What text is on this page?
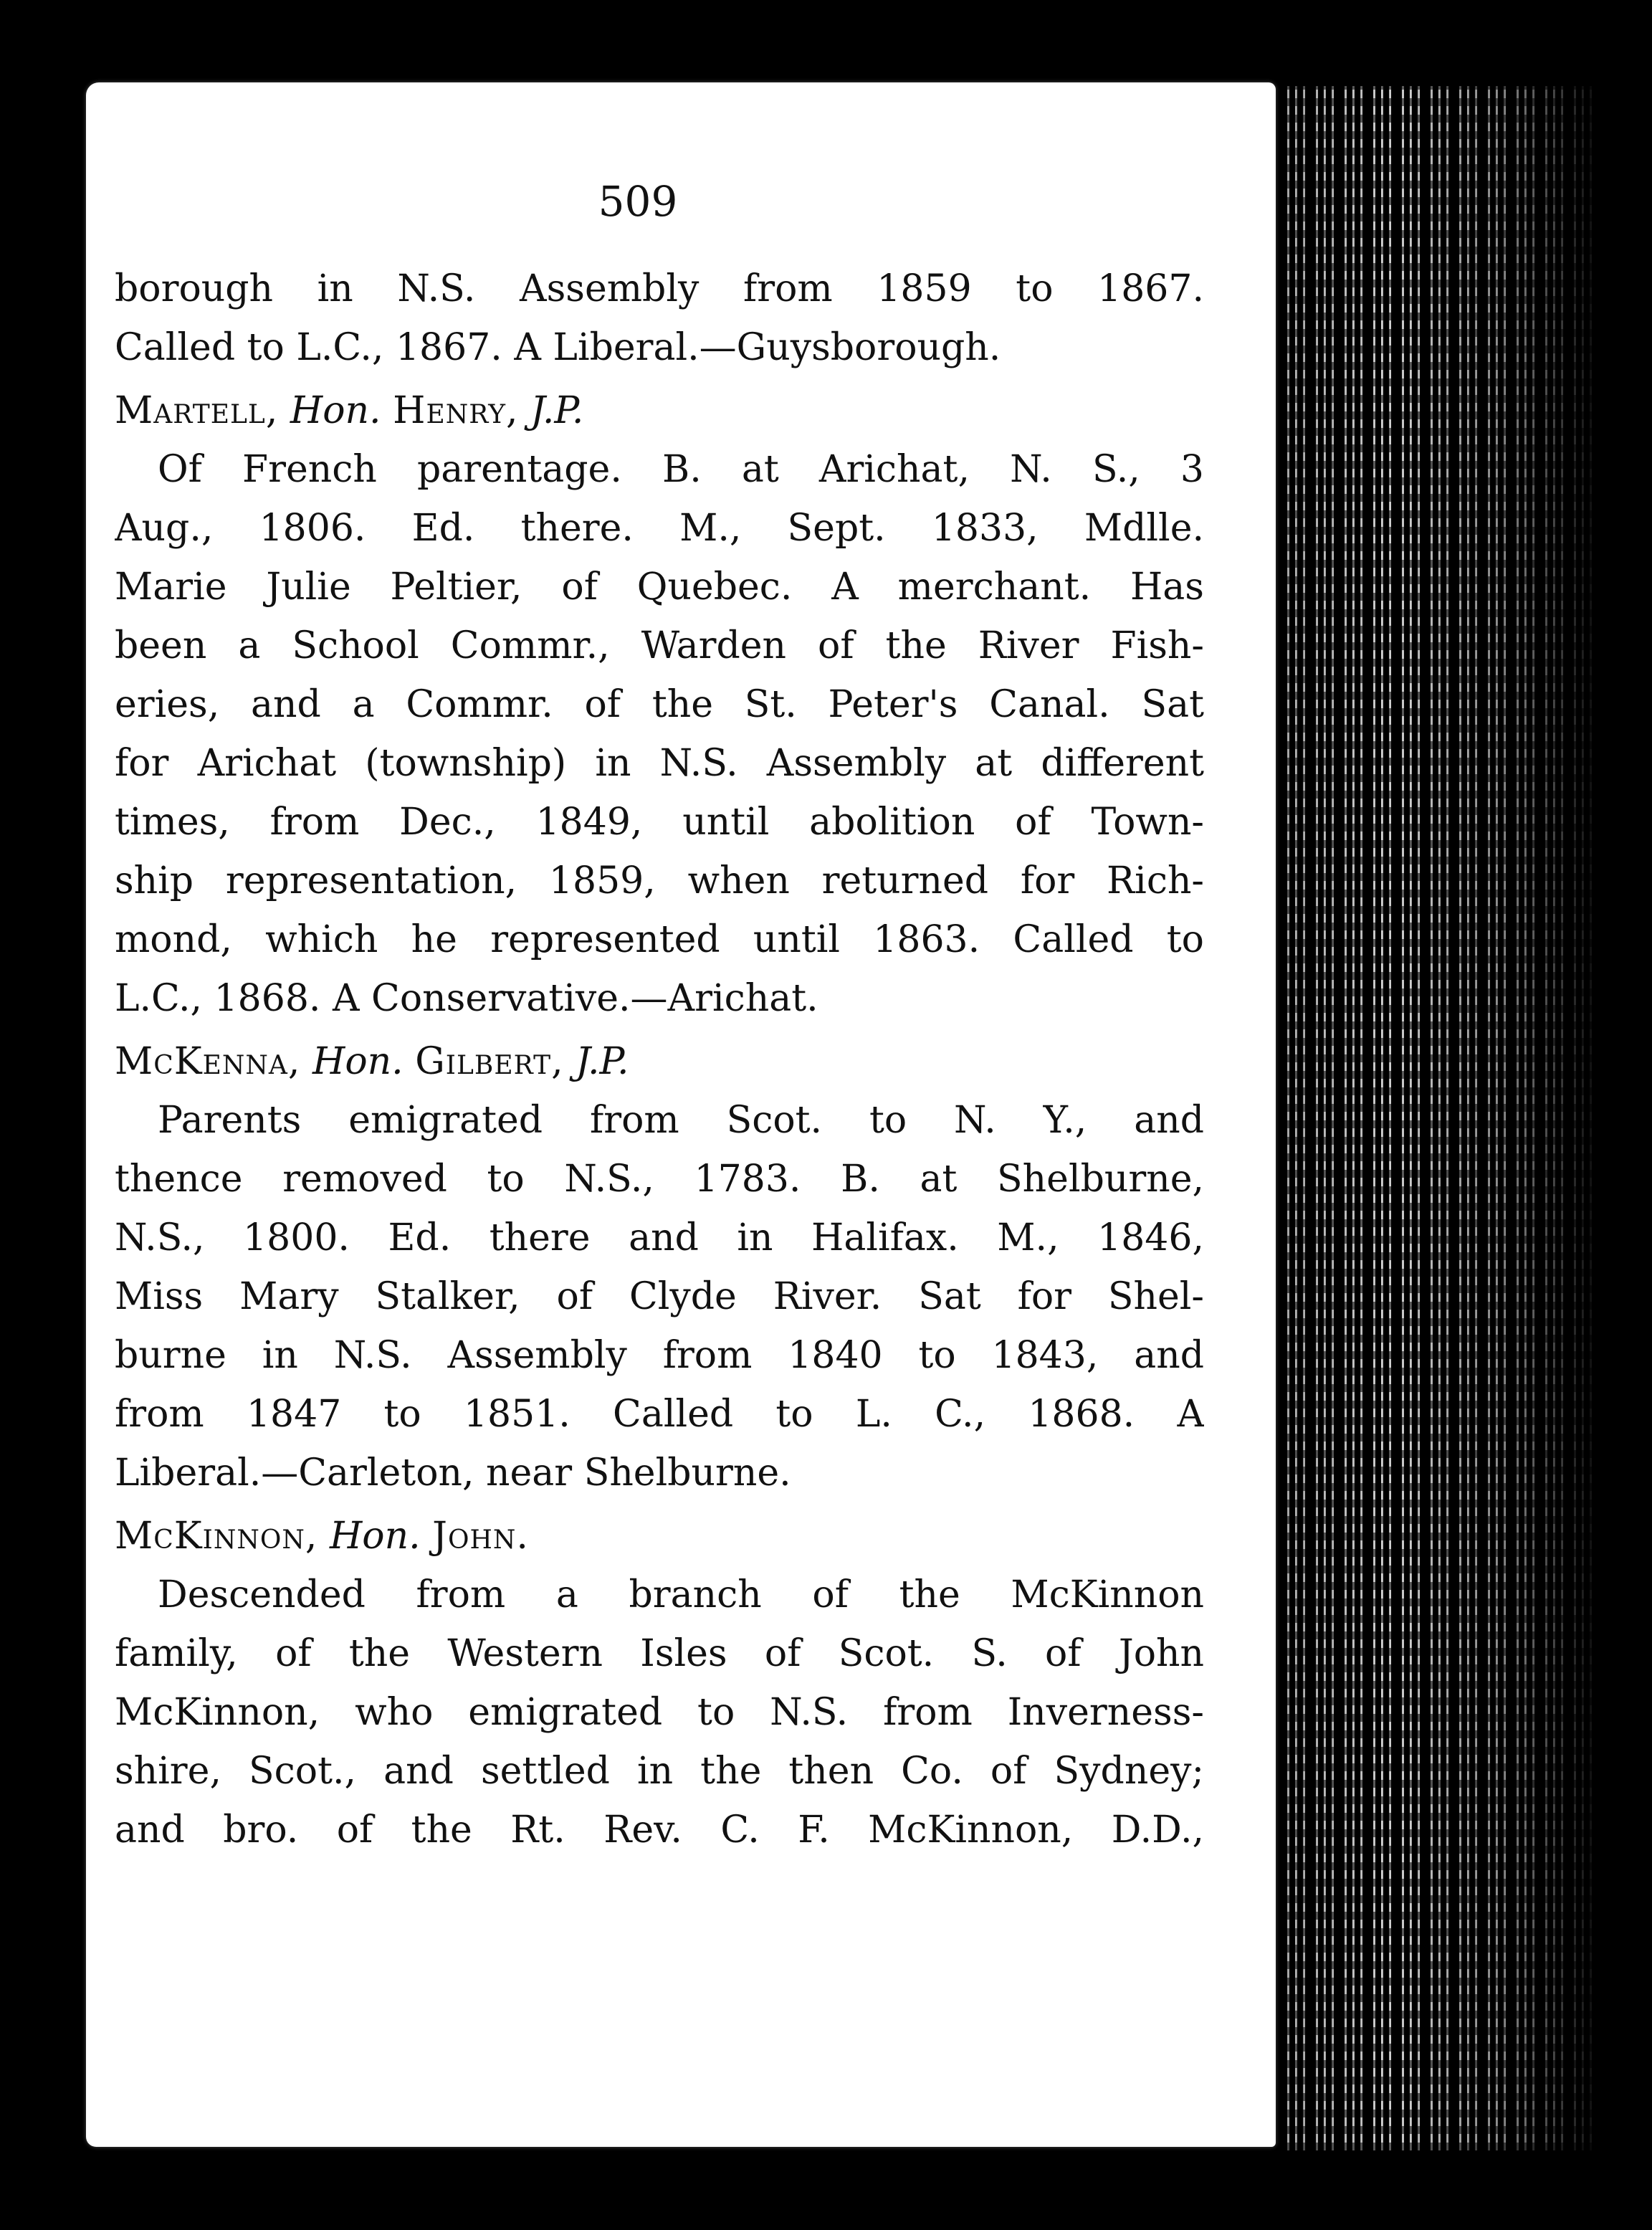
509
borough in N.S. Assembly from 1859 to 1867.
Called to L.C., 1867. A Liberal.—Guysborough.
Martell, Hon. Henry, J.P.
Of French parentage. B. at Arichat, N. S., 3
Aug., 1806. Ed. there. M., Sept. 1833, Mdlle.
Marie Julie Peltier, of Quebec. A merchant. Has
been a School Commr., Warden of the River Fish-
eries, and a Commr. of the St. Peter's Canal. Sat
for Arichat (township) in N.S. Assembly at different
times, from Dec., 1849, until abolition of Town-
ship representation, 1859, when returned for Rich-
mond, which he represented until 1863. Called to
L.C., 1868. A Conservative.—Arichat.
McKenna, Hon. Gilbert, J.P.
Parents emigrated from Scot. to N. Y., and
thence removed to N.S., 1783. B. at Shelburne,
N.S., 1800. Ed. there and in Halifax. M., 1846,
Miss Mary Stalker, of Clyde River. Sat for Shel-
burne in N.S. Assembly from 1840 to 1843, and
from 1847 to 1851. Called to L. C., 1868. A
Liberal.—Carleton, near Shelburne.
McKinnon, Hon. John.
Descended from a branch of the McKinnon
family, of the Western Isles of Scot. S. of John
McKinnon, who emigrated to N.S. from Inverness-
shire, Scot., and settled in the then Co. of Sydney;
and bro. of the Rt. Rev. C. F. McKinnon, D.D.,
